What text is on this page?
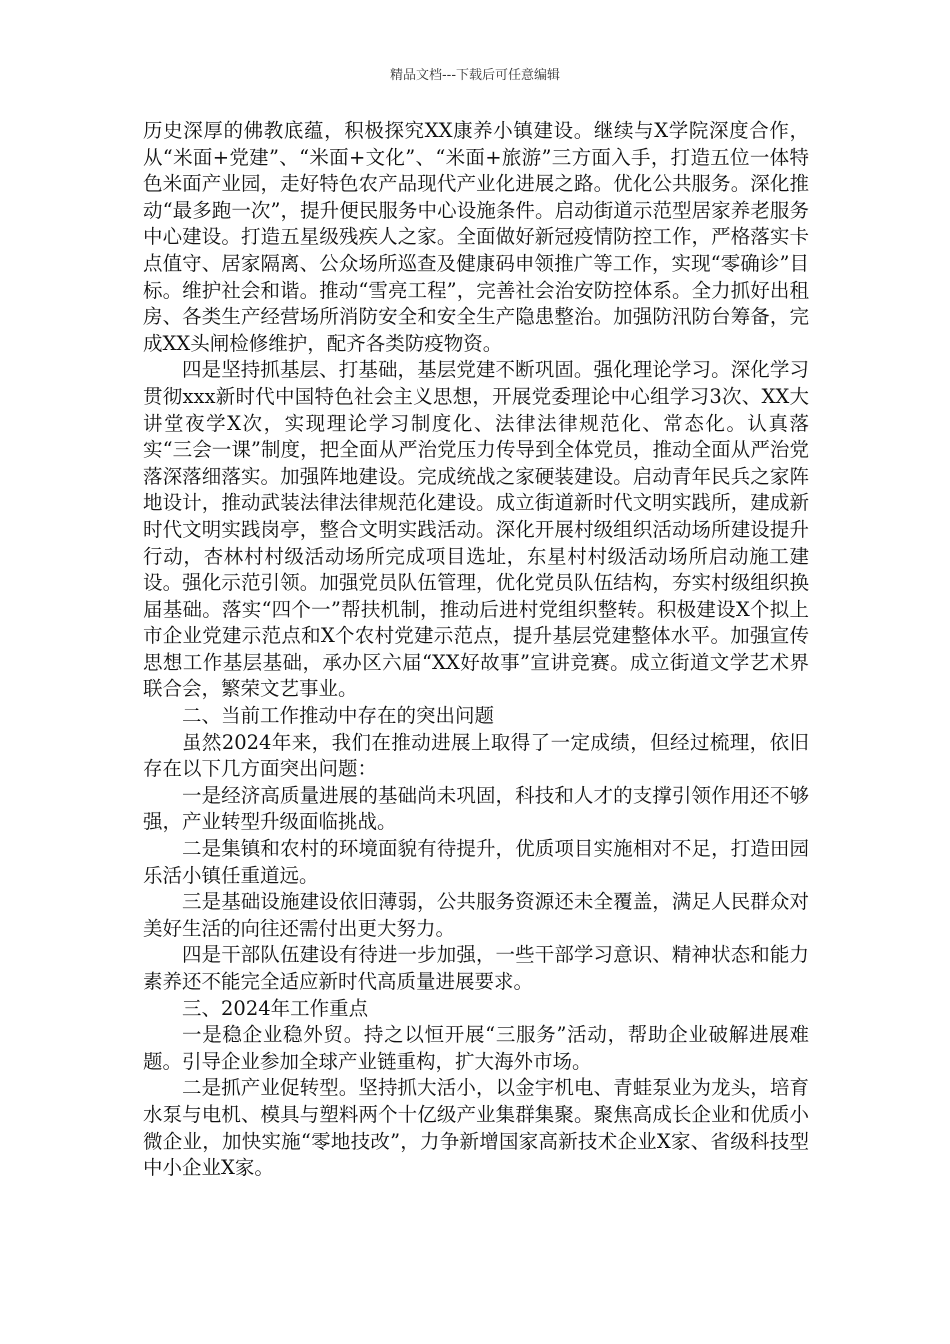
精品文档---下载后可任意编辑

历史深厚的佛教底蕴，积极探究XX康养小镇建设。继续与X学院深度合作，从“米面+党建”、“米面+文化”、“米面+旅游”三方面入手，打造五位一体特色米面产业园，走好特色农产品现代产业化进展之路。优化公共服务。深化推动“最多跑一次”，提升便民服务中心设施条件。启动街道示范型居家养老服务中心建设。打造五星级残疾人之家。全面做好新冠疫情防控工作，严格落实卡点值守、居家隔离、公众场所巡查及健康码申领推广等工作，实现“零确诊”目标。维护社会和谐。推动“雪亮工程”，完善社会治安防控体系。全力抓好出租房、各类生产经营场所消防安全和安全生产隐患整治。加强防汛防台筹备，完成XX头闸检修维护，配齐各类防疫物资。

四是坚持抓基层、打基础，基层党建不断巩固。强化理论学习。深化学习贯彻xxx新时代中国特色社会主义思想，开展党委理论中心组学习3次、XX大讲堂夜学X次，实现理论学习制度化、法律法律规范化、常态化。认真落实“三会一课”制度，把全面从严治党压力传导到全体党员，推动全面从严治党落深落细落实。加强阵地建设。完成统战之家硬装建设。启动青年民兵之家阵地设计，推动武装法律法律规范化建设。成立街道新时代文明实践所，建成新时代文明实践岗亭，整合文明实践活动。深化开展村级组织活动场所建设提升行动，杏林村村级活动场所完成项目选址，东星村村级活动场所启动施工建设。强化示范引领。加强党员队伍管理，优化党员队伍结构，夯实村级组织换届基础。落实“四个一”帮扶机制，推动后进村党组织整转。积极建设X个拟上市企业党建示范点和X个农村党建示范点，提升基层党建整体水平。加强宣传思想工作基层基础，承办区六届“XX好故事”宣讲竞赛。成立街道文学艺术界联合会，繁荣文艺事业。

二、当前工作推动中存在的突出问题

虽然2024年来，我们在推动进展上取得了一定成绩，但经过梳理，依旧存在以下几方面突出问题：

一是经济高质量进展的基础尚未巩固，科技和人才的支撑引领作用还不够强，产业转型升级面临挑战。

二是集镇和农村的环境面貌有待提升，优质项目实施相对不足，打造田园乐活小镇任重道远。

三是基础设施建设依旧薄弱，公共服务资源还未全覆盖，满足人民群众对美好生活的向往还需付出更大努力。

四是干部队伍建设有待进一步加强，一些干部学习意识、精神状态和能力素养还不能完全适应新时代高质量进展要求。

三、2024年工作重点

一是稳企业稳外贸。持之以恒开展“三服务”活动，帮助企业破解进展难题。引导企业参加全球产业链重构，扩大海外市场。

二是抓产业促转型。坚持抓大活小，以金宇机电、青蛙泵业为龙头，培育水泵与电机、模具与塑料两个十亿级产业集群集聚。聚焦高成长企业和优质小微企业，加快实施“零地技改”，力争新增国家高新技术企业X家、省级科技型中小企业X家。
